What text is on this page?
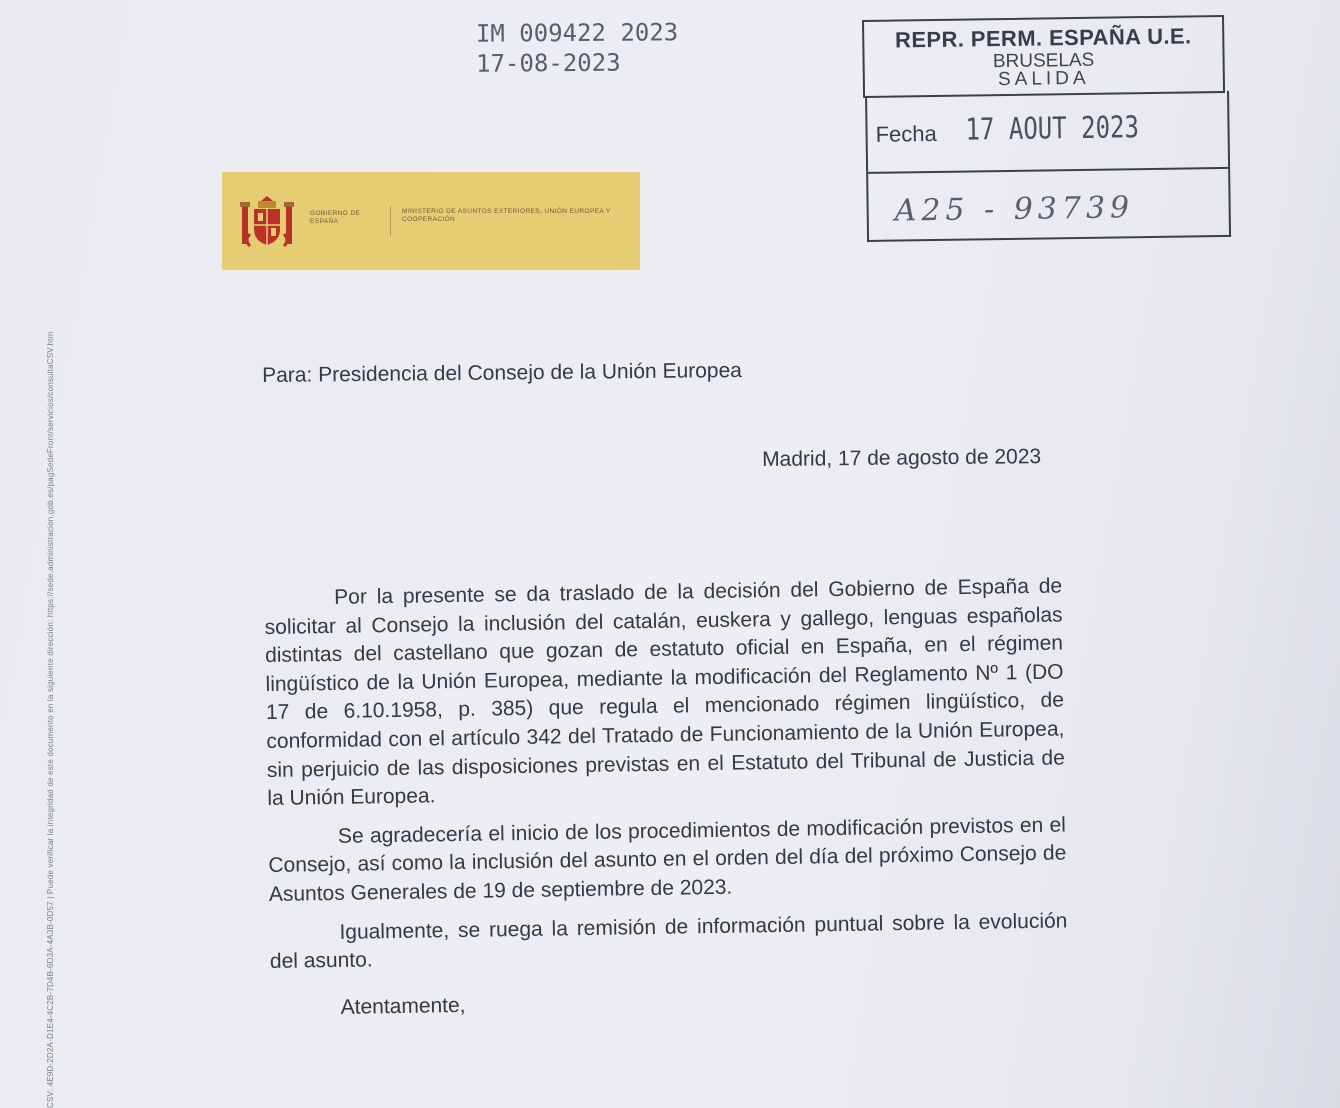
CSV: 4E9D-2D2A-D1E4-4C2B-7D4B-6D3A-4A3B-0D57 | Puede verificar la integridad de este documento en la siguiente dirección: https://sede.administracion.gob.es/pagSedeFront/servicios/consultaCSV.htm
IM 009422 2023
17-08-2023
REPR. PERM. ESPAÑA U.E.
BRUSELAS
SALIDA
Fecha 17 AOUT 2023
A25 - 93739
GOBIERNO DE ESPAÑA
MINISTERIO DE ASUNTOS EXTERIORES, UNIÓN EUROPEA Y COOPERACIÓN
Para: Presidencia del Consejo de la Unión Europea
Madrid, 17 de agosto de 2023

Por la presente se da traslado de la decisión del Gobierno de España de solicitar al Consejo la inclusión del catalán, euskera y gallego, lenguas españolas distintas del castellano que gozan de estatuto oficial en España, en el régimen lingüístico de la Unión Europea, mediante la modificación del Reglamento Nº 1 (DO 17 de 6.10.1958, p. 385) que regula el mencionado régimen lingüístico, de conformidad con el artículo 342 del Tratado de Funcionamiento de la Unión Europea, sin perjuicio de las disposiciones previstas en el Estatuto del Tribunal de Justicia de la Unión Europea.

Se agradecería el inicio de los procedimientos de modificación previstos en el Consejo, así como la inclusión del asunto en el orden del día del próximo Consejo de Asuntos Generales de 19 de septiembre de 2023.

Igualmente, se ruega la remisión de información puntual sobre la evolución del asunto.

Atentamente,
